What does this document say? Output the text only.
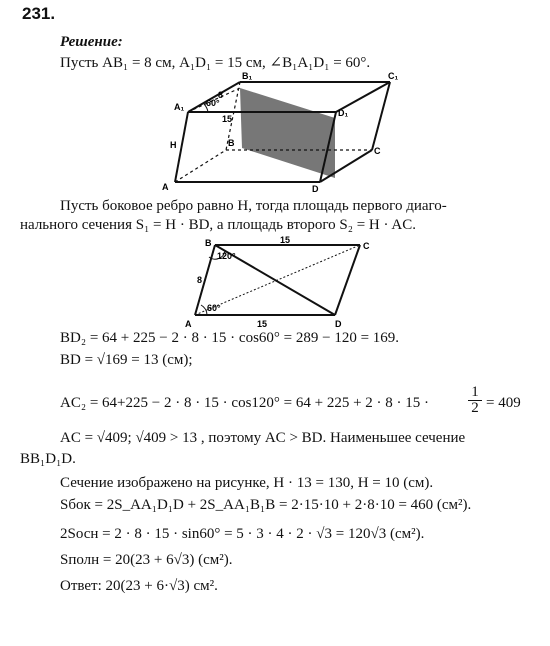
231.
Решение:
Пусть AB₁ = 8 см, A₁D₁ = 15 см, ∠B₁A₁D₁ = 60°.
B₁	C₁
A₁
D₁
A	D
C
B
H
8
15
60°
Пусть боковое ребро равно H, тогда площадь первого диаго-
нального сечения S₁ = H · BD, а площадь второго S₂ = H · AC.
B	C
A	D
15
15
8
120°
60°
BD₂ = 64 + 225 − 2 · 8 · 15 · cos60° = 289 − 120 = 169.
BD = √169 = 13 (см);
AC₂ = 64+225 − 2 · 8 · 15 · cos120° = 64 + 225 + 2 · 8 · 15 ·	$\frac{1}{2} = 409$
AC = √409; √409 > 13 , поэтому AC > BD. Наименьшее сечение
BB₁D₁D.
Сечение изображено на рисунке, H · 13 = 130, H = 10 (см).
Sбок = 2S_AA₁D₁D + 2S_AA₁B₁B = 2·15·10 + 2·8·10 = 460 (см²).
2Sосн = 2 · 8 · 15 · sin60° = 5 · 3 · 4 · 2 · √3 = 120√3 (см²).
Sполн = 20(23 + 6√3) (см²).
Ответ: 20(23 + 6·√3) см².
